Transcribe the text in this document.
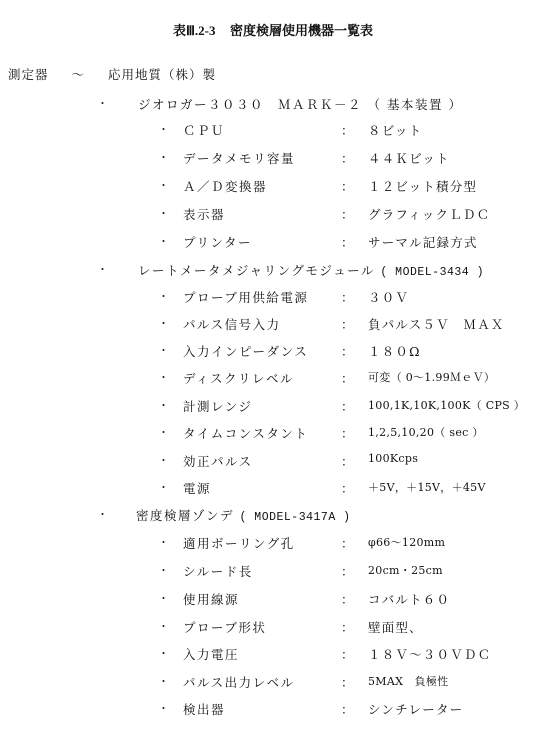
表Ⅲ.2-3 密度検層使用機器一覧表
測定器 〜 応用地質（株）製
・ ジオロガー３０３０　ＭＡＲＫ－２ （ 基本装置 ）
・ ＣＰＵ	： ８ビット
・ データメモリ容量	： ４４Ｋビット
・ Ａ／Ｄ変換器	： １２ビット積分型
・ 表示器	： グラフィックＬＤＣ
・ プリンター	： サーマル記録方式
・ レートメータメジャリングモジュール ( MODEL-3434 )
・ プローブ用供給電源	： ３０Ｖ
・ パルス信号入力	： 負パルス５Ｖ　ＭＡＸ
・ 入力インピーダンス	： １８０Ω
・ ディスクリレベル	： 可変（ 0〜1.99ＭｅＶ）
・ 計測レンジ	： 100,1K,10K,100K（ CPS ）
・ タイムコンスタント	： 1,2,5,10,20（ sec ）
・ 効正パルス	： 100Kcps
・ 電源	： ＋5V，＋15V，＋45V
・ 密度検層ゾンデ ( MODEL-3417A )
・ 適用ボーリング孔	： φ66〜120mm
・ シルード長	： 20cm・25cm
・ 使用線源	： コバルト６０
・ プローブ形状	： 壁面型、
・ 入力電圧	： １８Ｖ～３０ＶＤＣ
・ パルス出力レベル	： 5MAX　負極性
・ 検出器	： シンチレーター
